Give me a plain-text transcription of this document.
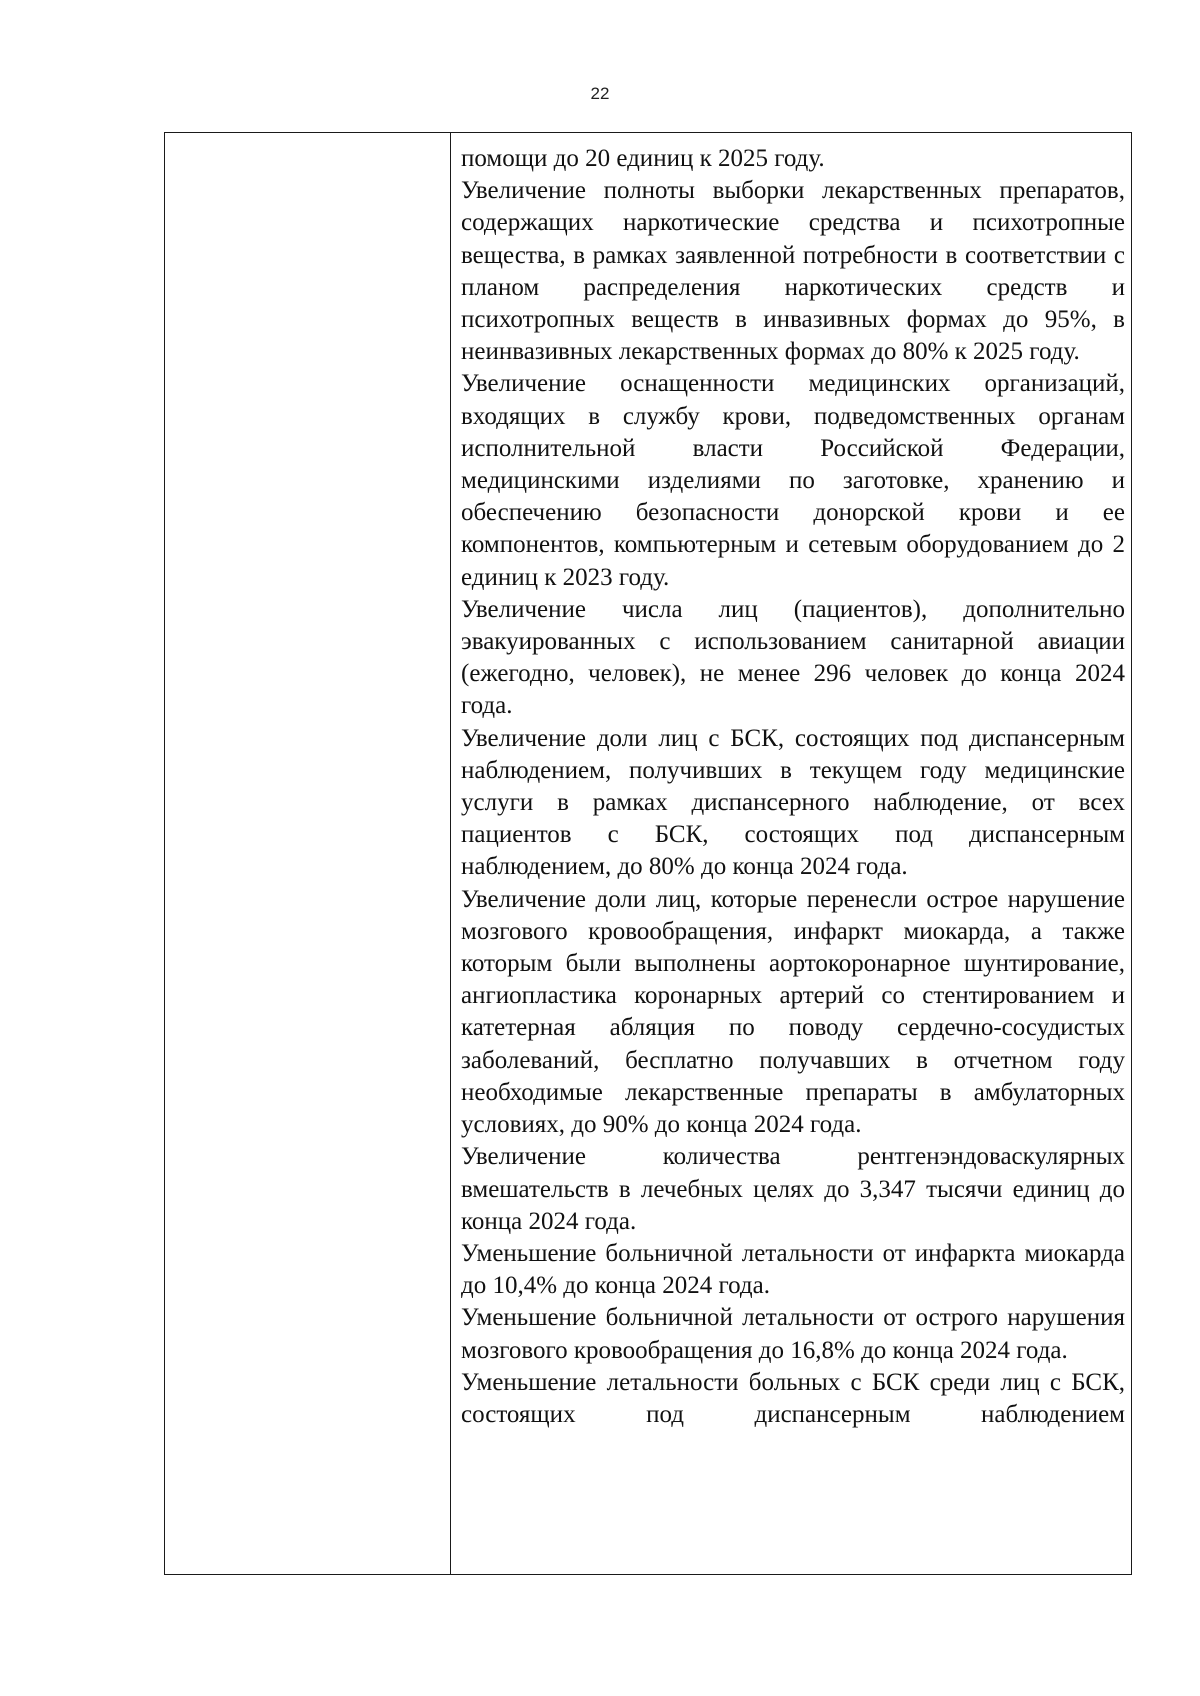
22

помощи до 20 единиц к 2025 году.

Увеличение полноты выборки лекарственных препаратов, содержащих наркотические средства и психотропные вещества, в рамках заявленной потребности в соответствии с планом распределения наркотических средств и психотропных веществ в инвазивных формах до 95%, в неинвазивных лекарственных формах до 80% к 2025 году.

Увеличение оснащенности медицинских организаций, входящих в службу крови, подведомственных органам исполнительной власти Российской Федерации, медицинскими изделиями по заготовке, хранению и обеспечению безопасности донорской крови и ее компонентов, компьютерным и сетевым оборудованием до 2 единиц к 2023 году.

Увеличение числа лиц (пациентов), дополнительно эвакуированных с использованием санитарной авиации (ежегодно, человек), не менее 296 человек до конца 2024 года.

Увеличение доли лиц с БСК, состоящих под диспансерным наблюдением, получивших в текущем году медицинские услуги в рамках диспансерного наблюдение, от всех пациентов с БСК, состоящих под диспансерным наблюдением, до 80% до конца 2024 года.

Увеличение доли лиц, которые перенесли острое нарушение мозгового кровообращения, инфаркт миокарда, а также которым были выполнены аортокоронарное шунтирование, ангиопластика коронарных артерий со стентированием и катетерная абляция по поводу сердечно-сосудистых заболеваний, бесплатно получавших в отчетном году необходимые лекарственные препараты в амбулаторных условиях, до 90% до конца 2024 года.

Увеличение количества рентгенэндоваскулярных вмешательств в лечебных целях до 3,347 тысячи единиц до конца 2024 года.

Уменьшение больничной летальности от инфаркта миокарда до 10,4% до конца 2024 года.

Уменьшение больничной летальности от острого нарушения мозгового кровообращения до 16,8% до конца 2024 года.

Уменьшение летальности больных с БСК среди лиц с БСК, состоящих под диспансерным наблюдением
